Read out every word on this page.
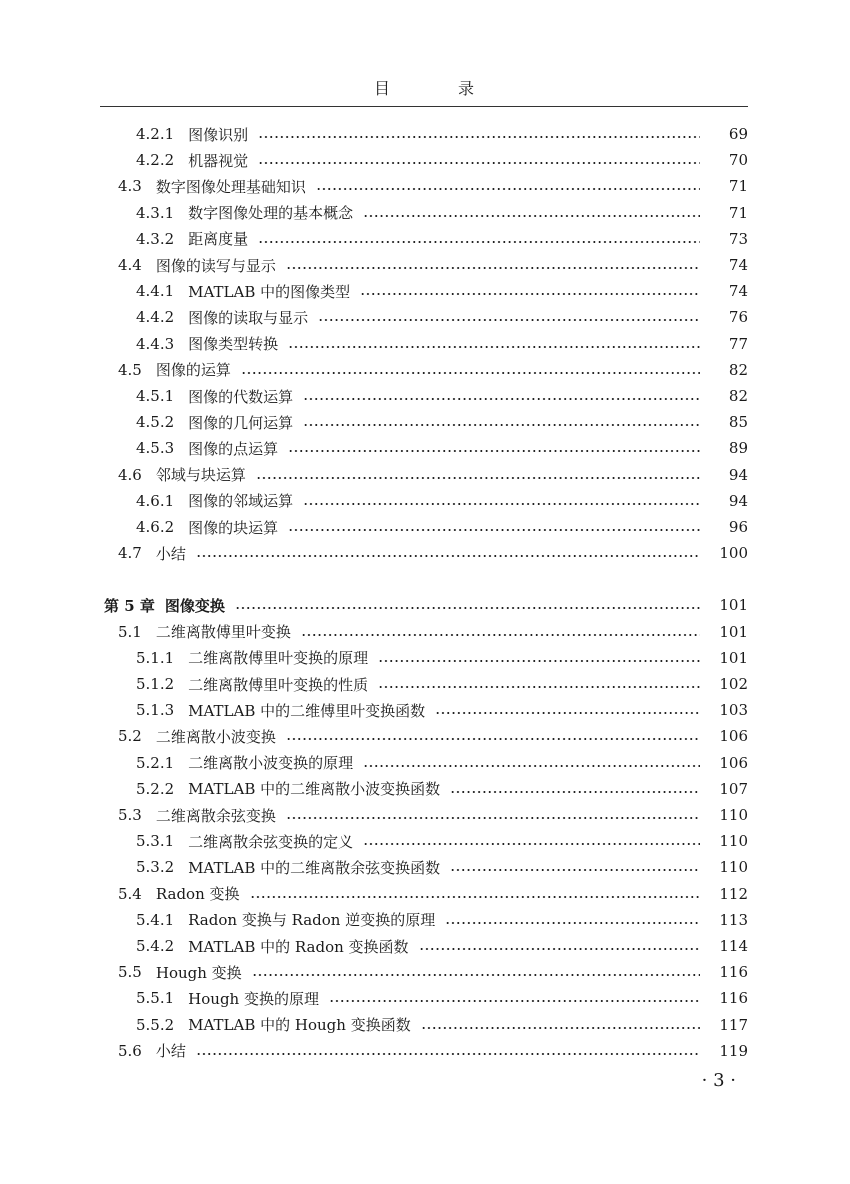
目　录
4.2.1 图像识别	69
4.2.2 机器视觉	70
4.3 数字图像处理基础知识	71
4.3.1 数字图像处理的基本概念	71
4.3.2 距离度量	73
4.4 图像的读写与显示	74
4.4.1 MATLAB 中的图像类型	74
4.4.2 图像的读取与显示	76
4.4.3 图像类型转换	77
4.5 图像的运算	82
4.5.1 图像的代数运算	82
4.5.2 图像的几何运算	85
4.5.3 图像的点运算	89
4.6 邻域与块运算	94
4.6.1 图像的邻域运算	94
4.6.2 图像的块运算	96
4.7 小结	100
第 5 章 图像变换	101
5.1 二维离散傅里叶变换	101
5.1.1 二维离散傅里叶变换的原理	101
5.1.2 二维离散傅里叶变换的性质	102
5.1.3 MATLAB 中的二维傅里叶变换函数	103
5.2 二维离散小波变换	106
5.2.1 二维离散小波变换的原理	106
5.2.2 MATLAB 中的二维离散小波变换函数	107
5.3 二维离散余弦变换	110
5.3.1 二维离散余弦变换的定义	110
5.3.2 MATLAB 中的二维离散余弦变换函数	110
5.4 Radon 变换	112
5.4.1 Radon 变换与 Radon 逆变换的原理	113
5.4.2 MATLAB 中的 Radon 变换函数	114
5.5 Hough 变换	116
5.5.1 Hough 变换的原理	116
5.5.2 MATLAB 中的 Hough 变换函数	117
5.6 小结	119
· 3 ·
